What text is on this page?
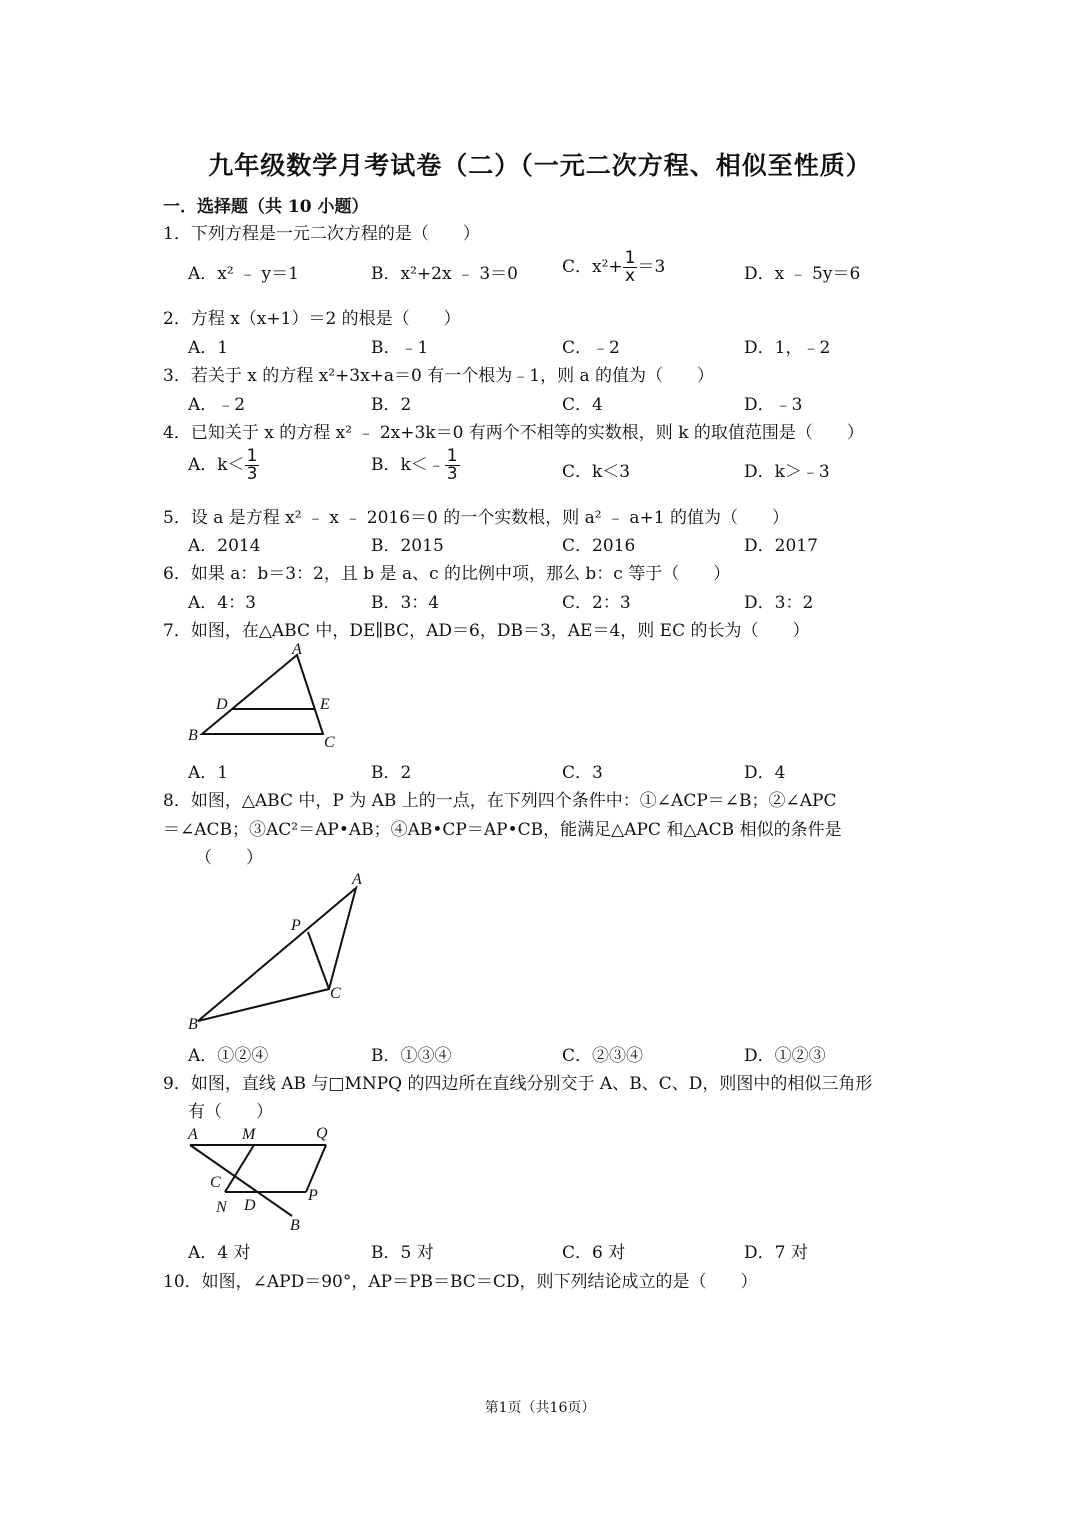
九年级数学月考试卷（二）（一元二次方程、相似至性质）
一．选择题（共 10 小题）
1．下列方程是一元二次方程的是（　　）
A．x² ﹣ y＝1	B．x²+2x ﹣ 3＝0	C．$x^2+ \frac{1}{x} =3$	D．x ﹣ 5y＝6
2．方程 x（x+1）＝2 的根是（　　）
A．1	B．﹣1	C．﹣2	D．1，﹣2
3．若关于 x 的方程 x²+3x+a＝0 有一个根为﹣1，则 a 的值为（　　）
A．﹣2	B．2	C．4	D．﹣3
4．已知关于 x 的方程 x² ﹣ 2x+3k＝0 有两个不相等的实数根，则 k 的取值范围是（　　）
A．$k< \frac{1}{3}$	B．k＜﹣ $\frac{1}{3}$	C．k＜3	D．k＞﹣3
5．设 a 是方程 x² ﹣ x ﹣ 2016＝0 的一个实数根，则 a² ﹣ a+1 的值为（　　）
A．2014	B．2015	C．2016	D．2017
6．如果 a：b＝3：2，且 b 是 a、c 的比例中项，那么 b：c 等于（　　）
A．4：3	B．3：4	C．2：3	D．3：2
7．如图，在△ABC 中，DE∥BC，AD＝6，DB＝3，AE＝4，则 EC 的长为（　　）
A
D	E
B	C
A．1	B．2	C．3	D．4
8．如图，△ABC 中，P 为 AB 上的一点，在下列四个条件中：①∠ACP＝∠B；②∠APC
＝∠ACB；③AC²＝AP•AB；④AB•CP＝AP•CB，能满足△APC 和△ACB 相似的条件是
（　　）
A
P
C
B
A．①②④	B．①③④	C．②③④	D．①②③
9．如图，直线 AB 与□MNPQ 的四边所在直线分别交于 A、B、C、D，则图中的相似三角形
有（　　）
A	M	Q
C
P
N D
B
A．4 对	B．5 对	C．6 对	D．7 对
10．如图，∠APD＝90°，AP＝PB＝BC＝CD，则下列结论成立的是（　　）
第1页（共16页）
